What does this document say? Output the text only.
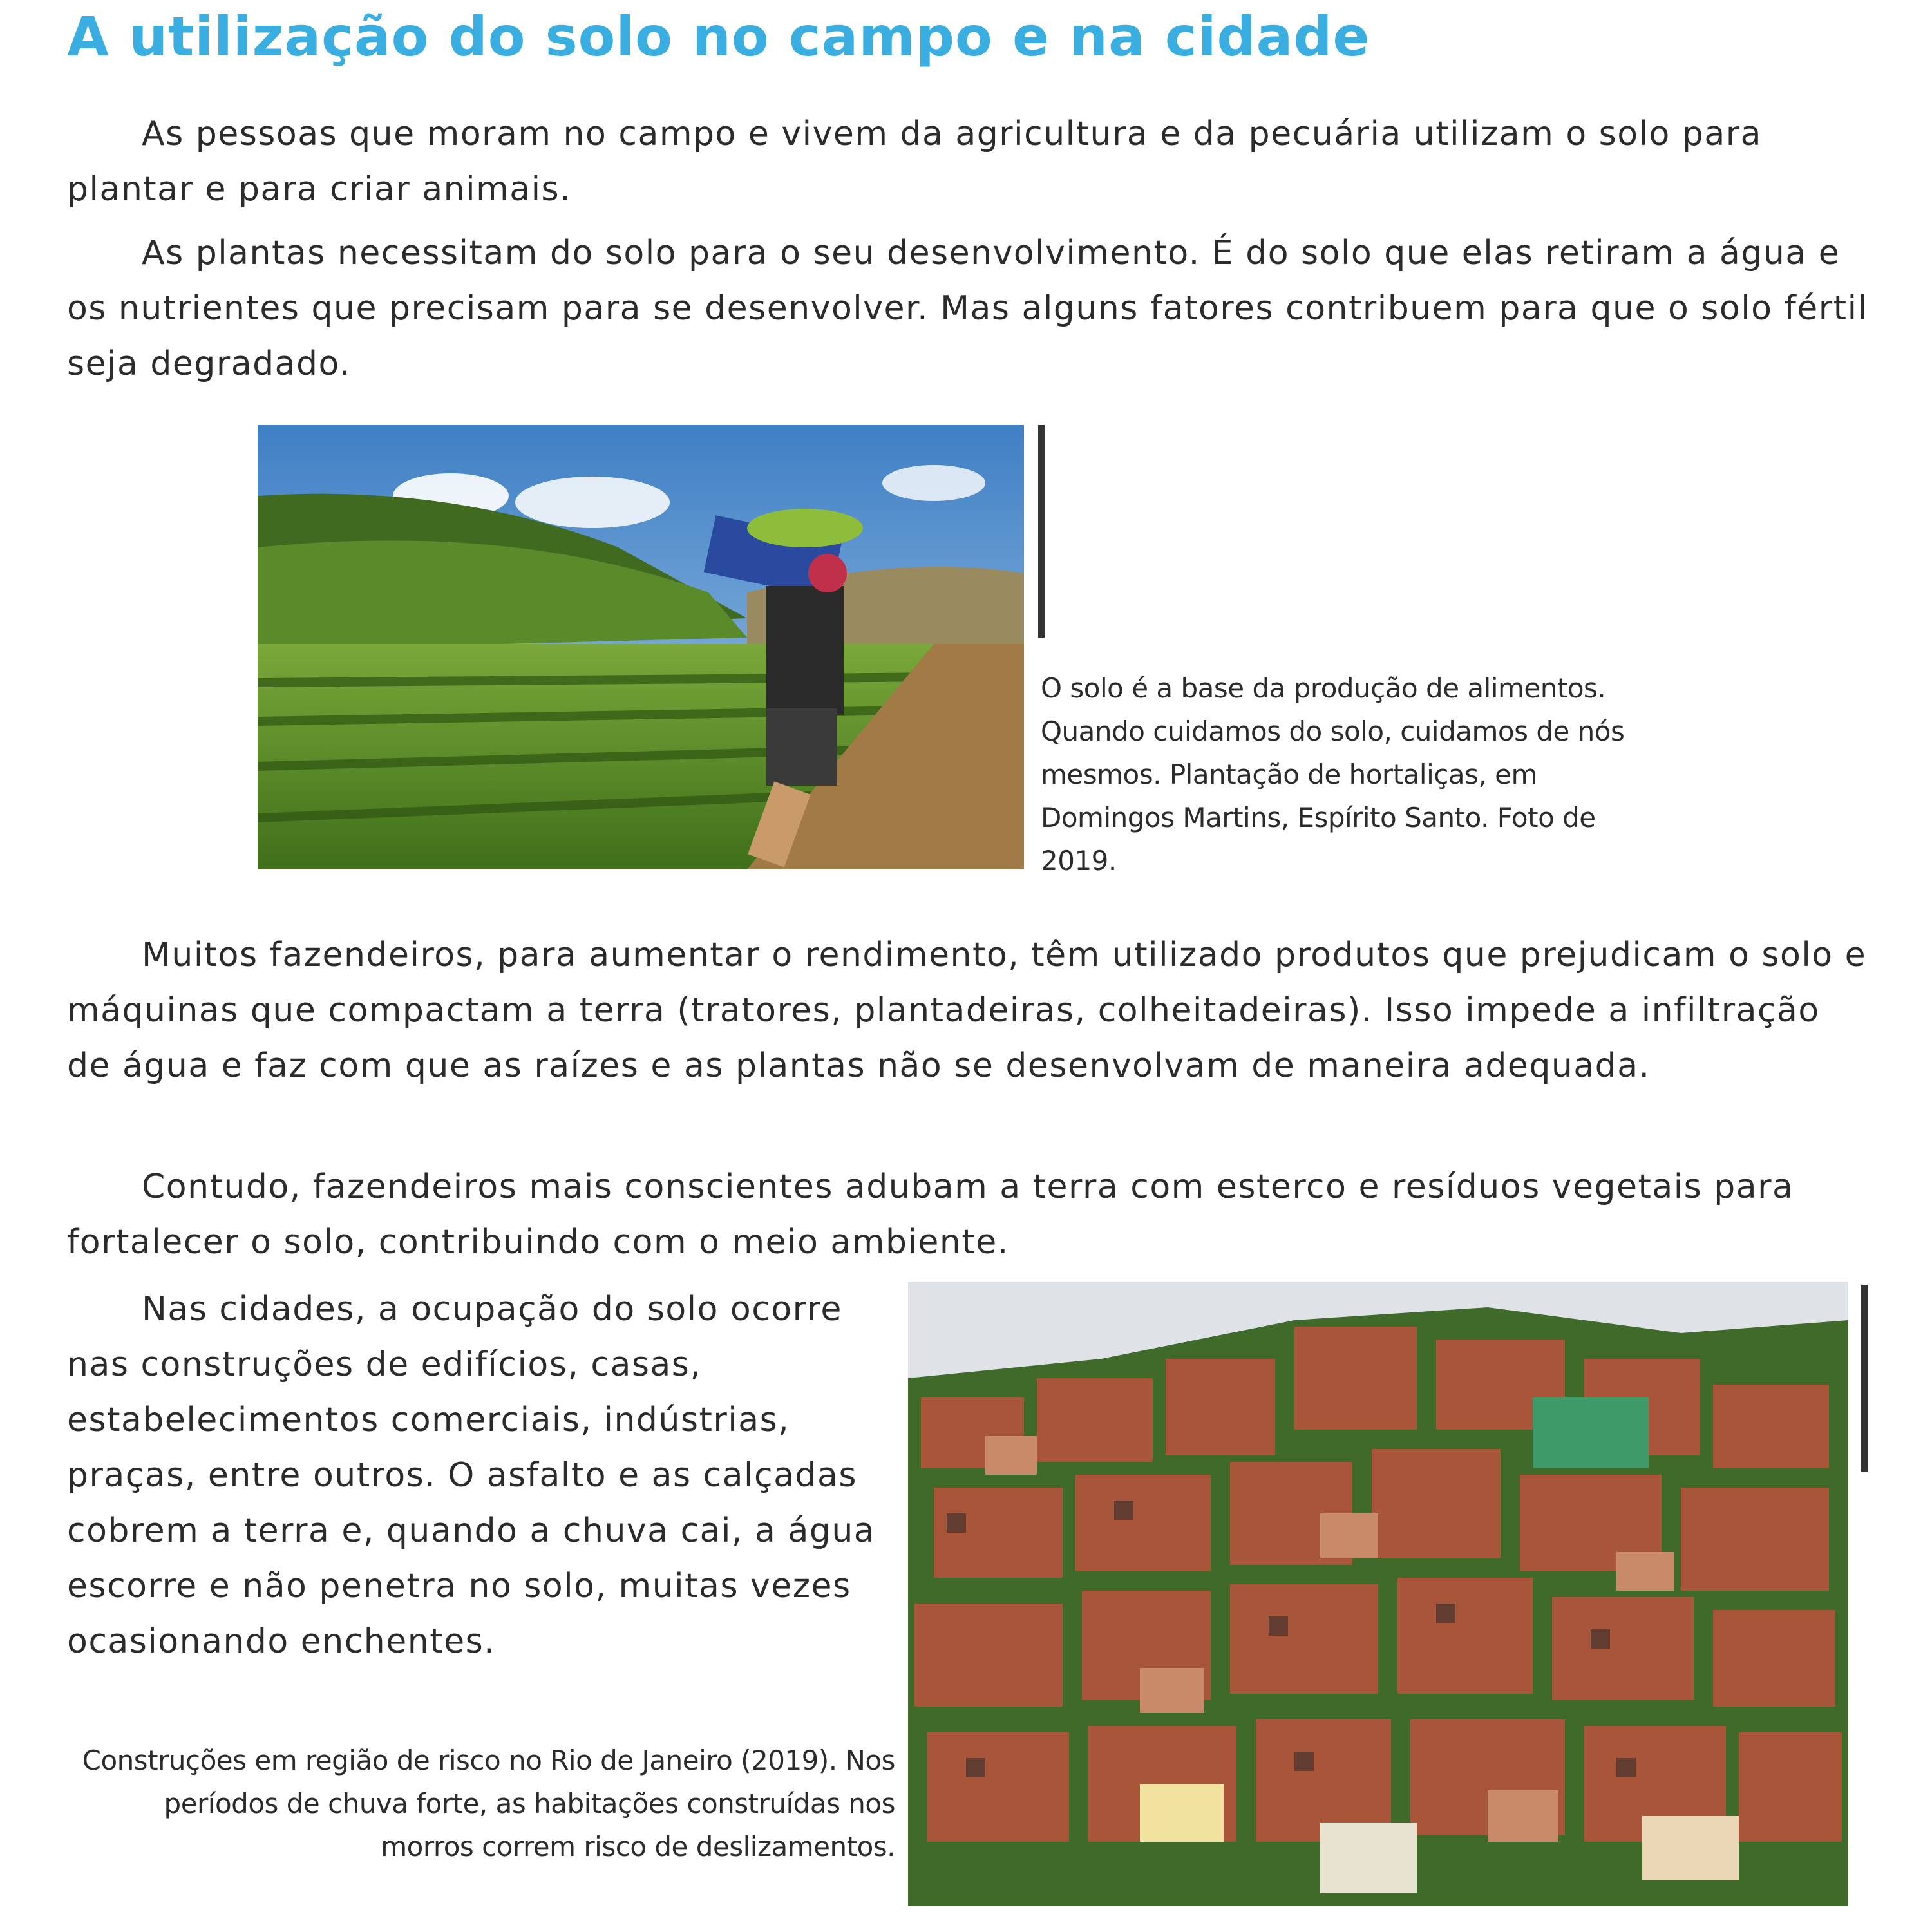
A utilização do solo no campo e na cidade

As pessoas que moram no campo e vivem da agricultura e da pecuária utilizam o solo para plantar e para criar animais.

As plantas necessitam do solo para o seu desenvolvimento. É do solo que elas retiram a água e os nutrientes que precisam para se desenvolver. Mas alguns fatores contribuem para que o solo fértil seja degradado.

O solo é a base da produção de alimentos. Quando cuidamos do solo, cuidamos de nós mesmos. Plantação de hortaliças, em Domingos Martins, Espírito Santo. Foto de 2019.

Muitos fazendeiros, para aumentar o rendimento, têm utilizado produtos que prejudicam o solo e máquinas que compactam a terra (tratores, plantadeiras, colheitadeiras). Isso impede a infiltração de água e faz com que as raízes e as plantas não se desenvolvam de maneira adequada.

Contudo, fazendeiros mais conscientes adubam a terra com esterco e resíduos vegetais para fortalecer o solo, contribuindo com o meio ambiente.

Nas cidades, a ocupação do solo ocorre nas construções de edifícios, casas, estabelecimentos comerciais, indústrias, praças, entre outros. O asfalto e as calçadas cobrem a terra e, quando a chuva cai, a água escorre e não penetra no solo, muitas vezes ocasionando enchentes.

Construções em região de risco no Rio de Janeiro (2019). Nos períodos de chuva forte, as habitações construídas nos morros correm risco de deslizamentos.
